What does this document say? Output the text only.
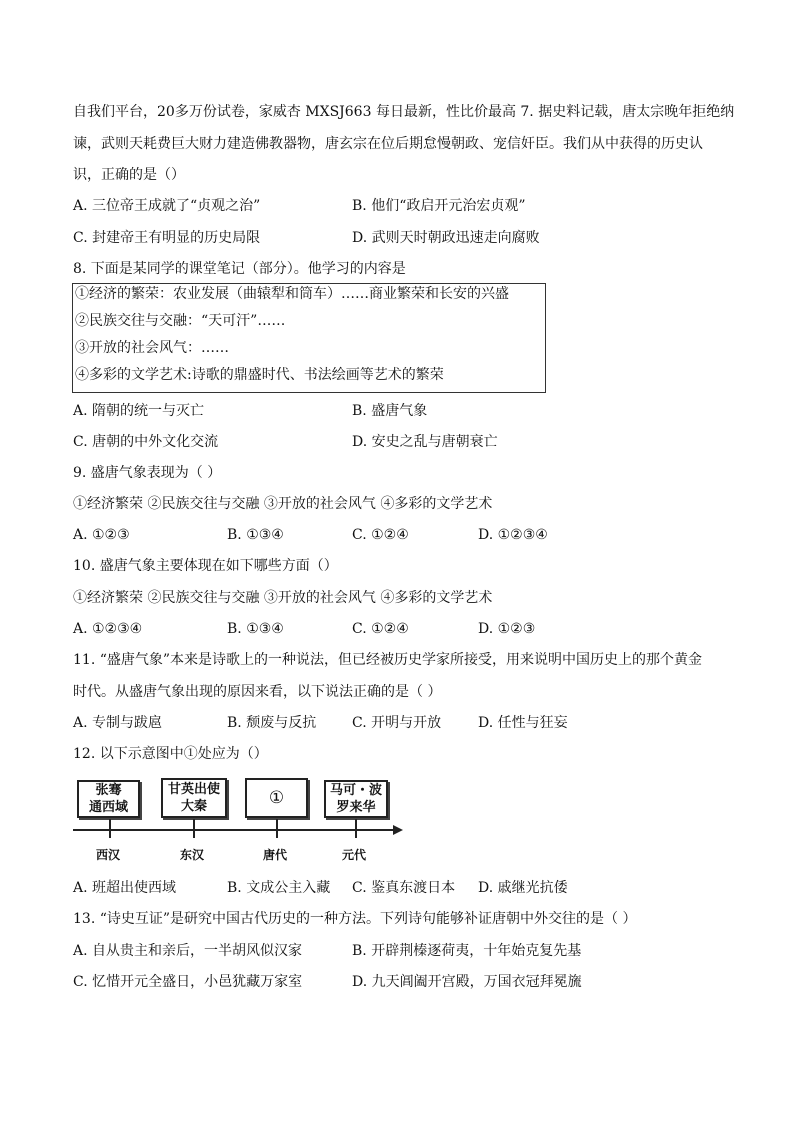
自我们平台，20多万份试卷，家威杏 MXSJ663 每日最新，性比价最高 7. 据史料记载，唐太宗晚年拒绝纳
谏，武则天耗费巨大财力建造佛教器物，唐玄宗在位后期怠慢朝政、宠信奸臣。我们从中获得的历史认
识，正确的是（）
A. 三位帝王成就了“贞观之治”	B. 他们“政启开元治宏贞观”
C. 封建帝王有明显的历史局限	D. 武则天时朝政迅速走向腐败
8. 下面是某同学的课堂笔记（部分）。他学习的内容是
①经济的繁荣：农业发展（曲辕犁和筒车）……商业繁荣和长安的兴盛
②民族交往与交融：“天可汗”……
③开放的社会风气：……
④多彩的文学艺术:诗歌的鼎盛时代、书法绘画等艺术的繁荣
A. 隋朝的统一与灭亡	B. 盛唐气象
C. 唐朝的中外文化交流	D. 安史之乱与唐朝衰亡
9. 盛唐气象表现为（ ）
①经济繁荣 ②民族交往与交融 ③开放的社会风气 ④多彩的文学艺术
A. ①②③	B. ①③④	C. ①②④	D. ①②③④
10. 盛唐气象主要体现在如下哪些方面（）
①经济繁荣 ②民族交往与交融 ③开放的社会风气 ④多彩的文学艺术
A. ①②③④	B. ①③④	C. ①②④	D. ①②③
11. “盛唐气象”本来是诗歌上的一种说法，但已经被历史学家所接受，用来说明中国历史上的那个黄金
时代。从盛唐气象出现的原因来看，以下说法正确的是（ ）
A. 专制与跋扈	B. 颓废与反抗	C. 开明与开放	D. 任性与狂妄
12. 以下示意图中①处应为（）
张骞
通西域
甘英出使
大秦	①	马可・波
罗来华
西汉	东汉	唐代	元代
A. 班超出使西域	B. 文成公主入藏 C. 鉴真东渡日本 D. 戚继光抗倭
13. “诗史互证”是研究中国古代历史的一种方法。下列诗句能够补证唐朝中外交往的是（ ）
A. 自从贵主和亲后，一半胡风似汉家	B. 开辟荆榛逐荷夷，十年始克复先基
C. 忆惜开元全盛日，小邑犹藏万家室	D. 九天阊阖开宫殿，万国衣冠拜冕旒
